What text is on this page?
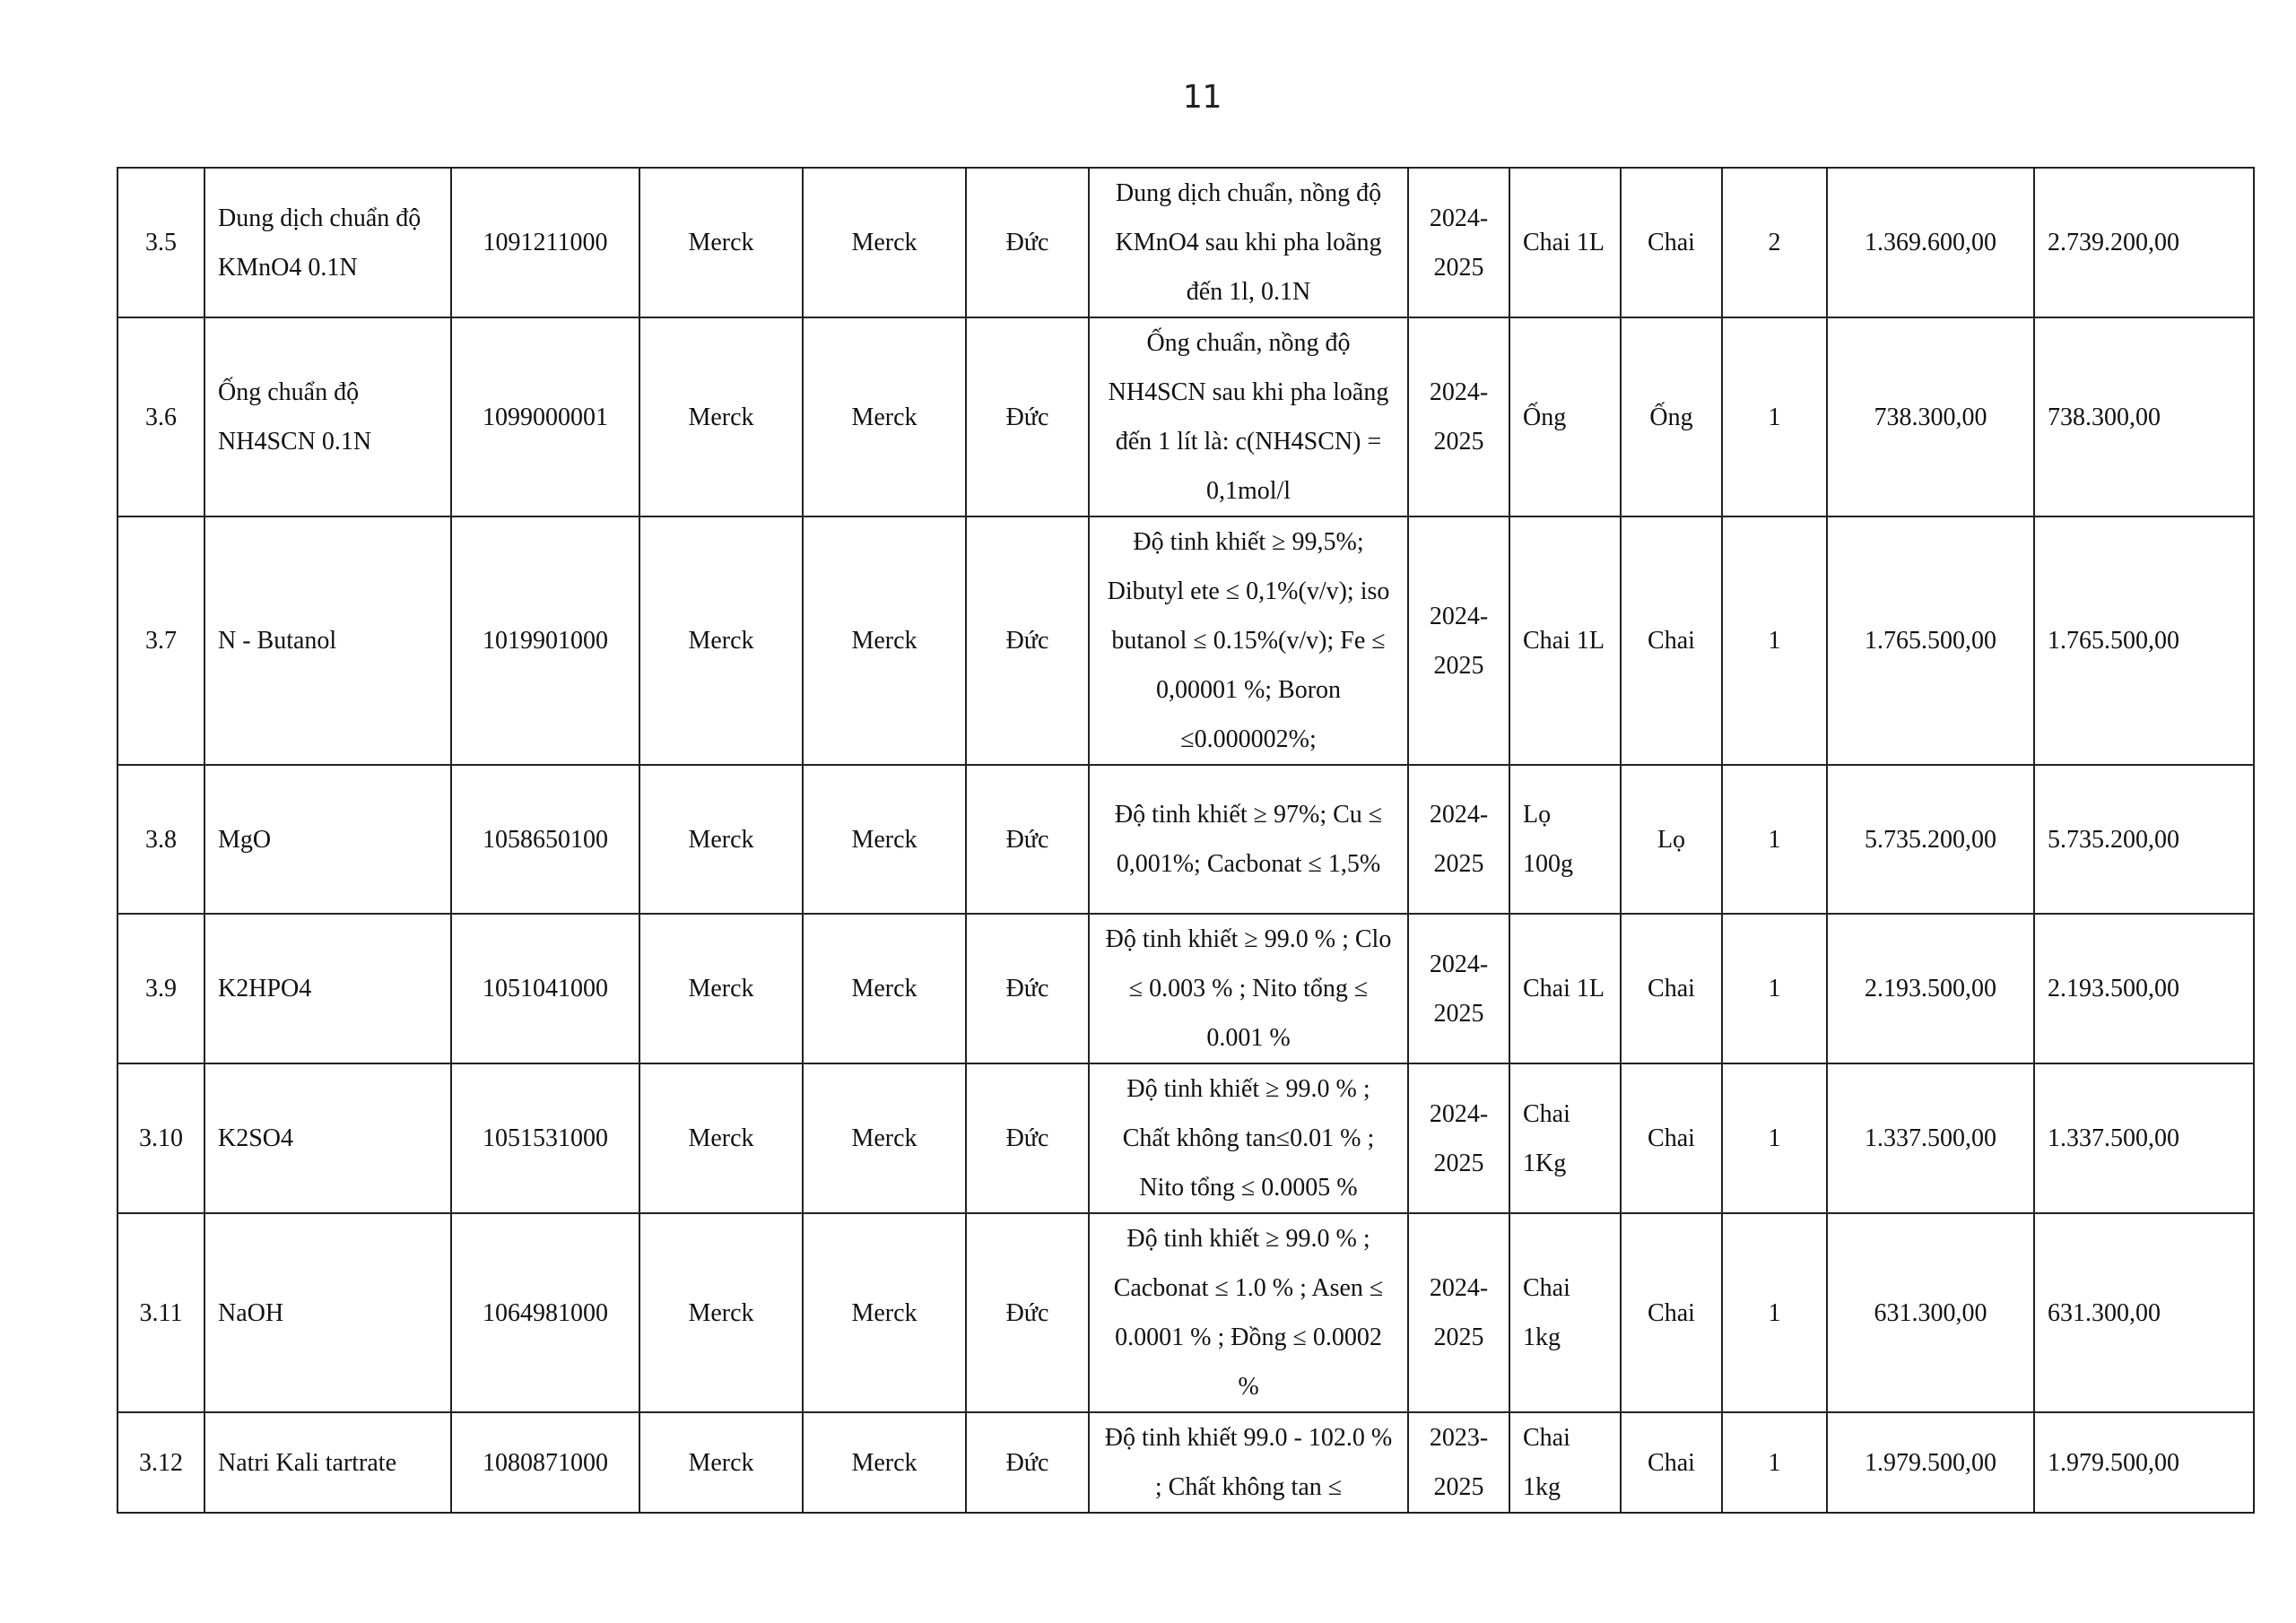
11
3.5	Dung dịch chuẩn độ KMnO4 0.1N	1091211000	Merck	Merck	Đức	Dung dịch chuẩn, nồng độ KMnO4 sau khi pha loãng đến 1l, 0.1N	2024-2025	Chai 1L	Chai	2	1.369.600,00	2.739.200,00
3.6	Ống chuẩn độ NH4SCN 0.1N	1099000001	Merck	Merck	Đức	Ống chuẩn, nồng độ NH4SCN sau khi pha loãng đến 1 lít là: c(NH4SCN) = 0,1mol/l	2024-2025	Ống	Ống	1	738.300,00	738.300,00
3.7	N - Butanol	1019901000	Merck	Merck	Đức	Độ tinh khiết ≥ 99,5%; Dibutyl ete ≤ 0,1%(v/v); iso butanol ≤ 0.15%(v/v); Fe ≤ 0,00001 %; Boron ≤0.000002%;	2024-2025	Chai 1L	Chai	1	1.765.500,00	1.765.500,00
3.8	MgO	1058650100	Merck	Merck	Đức	Độ tinh khiết ≥ 97%; Cu ≤ 0,001%; Cacbonat ≤ 1,5%	2024-2025	Lọ 100g	Lọ	1	5.735.200,00	5.735.200,00
3.9	K2HPO4	1051041000	Merck	Merck	Đức	Độ tinh khiết ≥ 99.0 % ; Clo ≤ 0.003 % ; Nito tổng ≤ 0.001 %	2024-2025	Chai 1L	Chai	1	2.193.500,00	2.193.500,00
3.10	K2SO4	1051531000	Merck	Merck	Đức	Độ tinh khiết ≥ 99.0 % ; Chất không tan≤0.01 % ; Nito tổng ≤ 0.0005 %	2024-2025	Chai 1Kg	Chai	1	1.337.500,00	1.337.500,00
3.11	NaOH	1064981000	Merck	Merck	Đức	Độ tinh khiết ≥ 99.0 % ; Cacbonat ≤ 1.0 % ; Asen ≤ 0.0001 % ; Đồng ≤ 0.0002 %	2024-2025	Chai 1kg	Chai	1	631.300,00	631.300,00
3.12	Natri Kali tartrate	1080871000	Merck	Merck	Đức	Độ tinh khiết 99.0 - 102.0 % ; Chất không tan ≤	2023-2025	Chai 1kg	Chai	1	1.979.500,00	1.979.500,00
